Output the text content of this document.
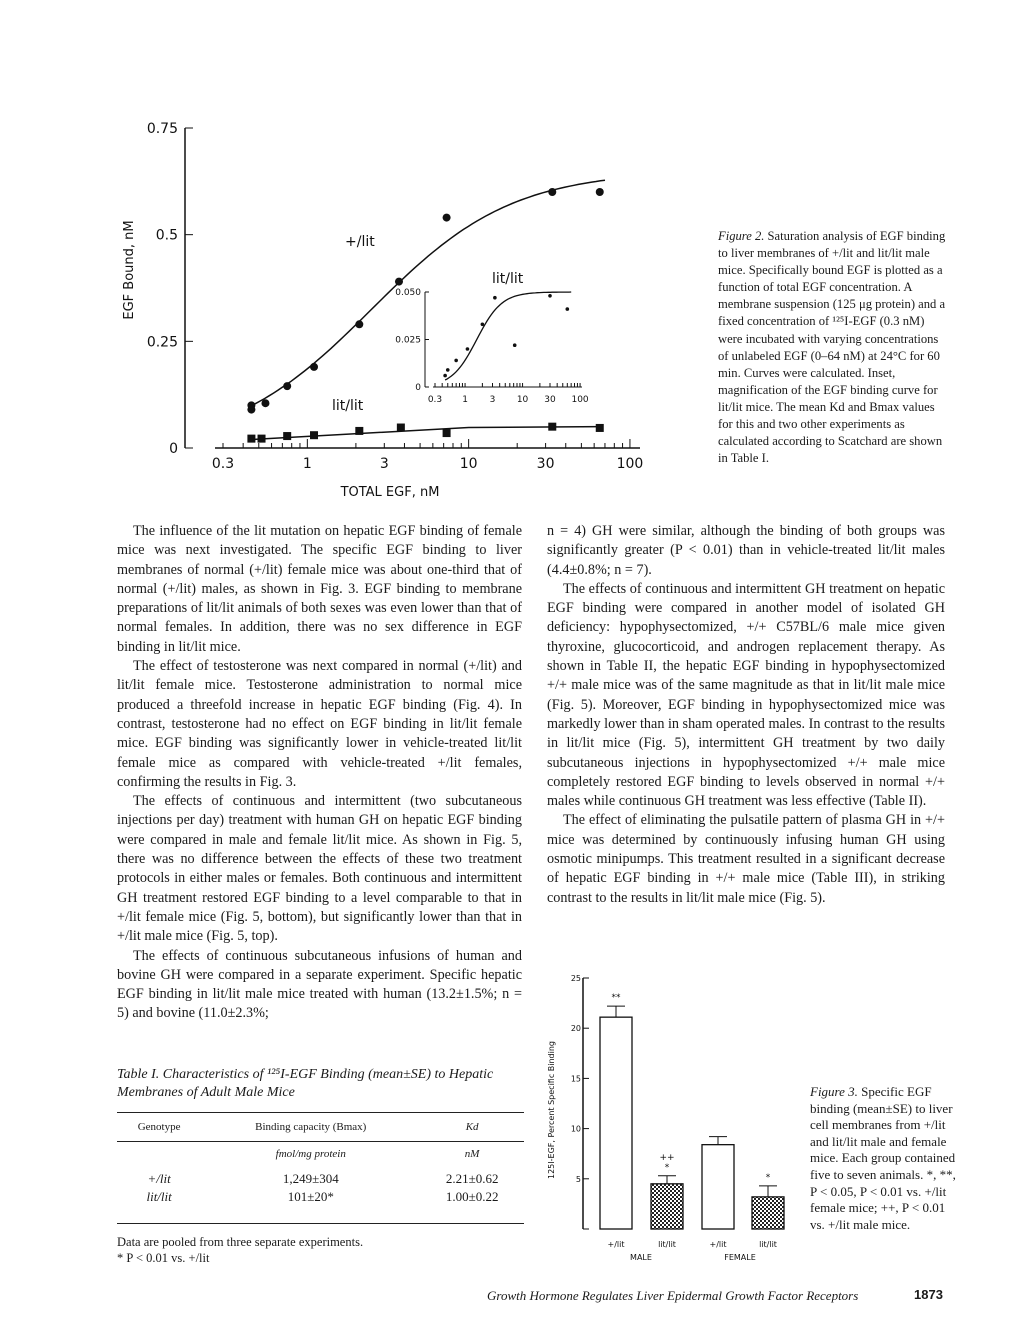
0
0.25
0.5
0.75
0.3	1	3	10	30	100
TOTAL EGF, nM
EGF Bound, nM	+/lit
lit/lit
0
0.025
0.050
0.3 1 3 10 30 100
lit/lit
Figure 2. Saturation analysis of EGF binding to liver membranes of +/lit and lit/lit male mice. Specifically bound EGF is plotted as a function of total EGF concentration. A membrane suspension (125 μg protein) and a fixed concentration of ¹²⁵I-EGF (0.3 nM) were incubated with varying concentrations of unlabeled EGF (0–64 nM) at 24°C for 60 min. Curves were calculated. Inset, magnification of the EGF binding curve for lit/lit mice. The mean Kd and Bmax values for this and two other experiments as calculated according to Scatchard are shown in Table I.

The influence of the lit mutation on hepatic EGF binding of female mice was next investigated. The specific EGF binding to liver membranes of normal (+/lit) female mice was about one-third that of normal (+/lit) males, as shown in Fig. 3. EGF binding to membrane preparations of lit/lit animals of both sexes was even lower than that of normal females. In addition, there was no sex difference in EGF binding in lit/lit mice.

The effect of testosterone was next compared in normal (+/lit) and lit/lit female mice. Testosterone administration to normal mice produced a threefold increase in hepatic EGF binding (Fig. 4). In contrast, testosterone had no effect on EGF binding in lit/lit female mice. EGF binding was significantly lower in vehicle-treated lit/lit female mice as compared with vehicle-treated +/lit females, confirming the results in Fig. 3.

The effects of continuous and intermittent (two subcutaneous injections per day) treatment with human GH on hepatic EGF binding were compared in male and female lit/lit mice. As shown in Fig. 5, there was no difference between the effects of these two treatment protocols in either males or females. Both continuous and intermittent GH treatment restored EGF binding to a level comparable to that in +/lit female mice (Fig. 5, bottom), but significantly lower than that in +/lit male mice (Fig. 5, top).

The effects of continuous subcutaneous infusions of human and bovine GH were compared in a separate experiment. Specific hepatic EGF binding in lit/lit male mice treated with human (13.2±1.5%; n = 5) and bovine (11.0±2.3%;

n = 4) GH were similar, although the binding of both groups was significantly greater (P < 0.01) than in vehicle-treated lit/lit males (4.4±0.8%; n = 7).

The effects of continuous and intermittent GH treatment on hepatic EGF binding were compared in another model of isolated GH deficiency: hypophysectomized, +/+ C57BL/6 male mice given thyroxine, glucocorticoid, and androgen replacement therapy. As shown in Table II, the hepatic EGF binding in hypophysectomized +/+ male mice was of the same magnitude as that in lit/lit male mice (Fig. 5). Moreover, EGF binding in hypophysectomized mice was markedly lower than in sham operated males. In contrast to the results in lit/lit mice (Fig. 5), intermittent GH treatment by two daily subcutaneous injections in hypophysectomized +/+ male mice completely restored EGF binding to levels observed in normal +/+ males while continuous GH treatment was less effective (Table II).

The effect of eliminating the pulsatile pattern of plasma GH in +/+ mice was determined by continuously infusing human GH using osmotic minipumps. This treatment resulted in a significant decrease of hepatic EGF binding in +/+ male mice (Table III), in striking contrast to the results in lit/lit male mice (Fig. 5).

Table I. Characteristics of ¹²⁵I-EGF Binding (mean±SE) to Hepatic Membranes of Adult Male Mice
Genotype	Binding capacity (Bmax)	Kd
	fmol/mg protein	nM
+/lit	1,249±304	2.21±0.62
lit/lit	101±20*	1.00±0.22
Data are pooled from three separate experiments.
* P < 0.01 vs. +/lit
5
10
15
20
25
125I-EGF, Percent Specific Binding
**
+/lit
++
*
lit/lit	+/lit
*
lit/lit
MALE	FEMALE
Figure 3. Specific EGF binding (mean±SE) to liver cell membranes from +/lit and lit/lit male and female mice. Each group contained five to seven animals. *, **, P < 0.05, P < 0.01 vs. +/lit female mice; ++, P < 0.01 vs. +/lit male mice.
Growth Hormone Regulates Liver Epidermal Growth Factor Receptors	1873
